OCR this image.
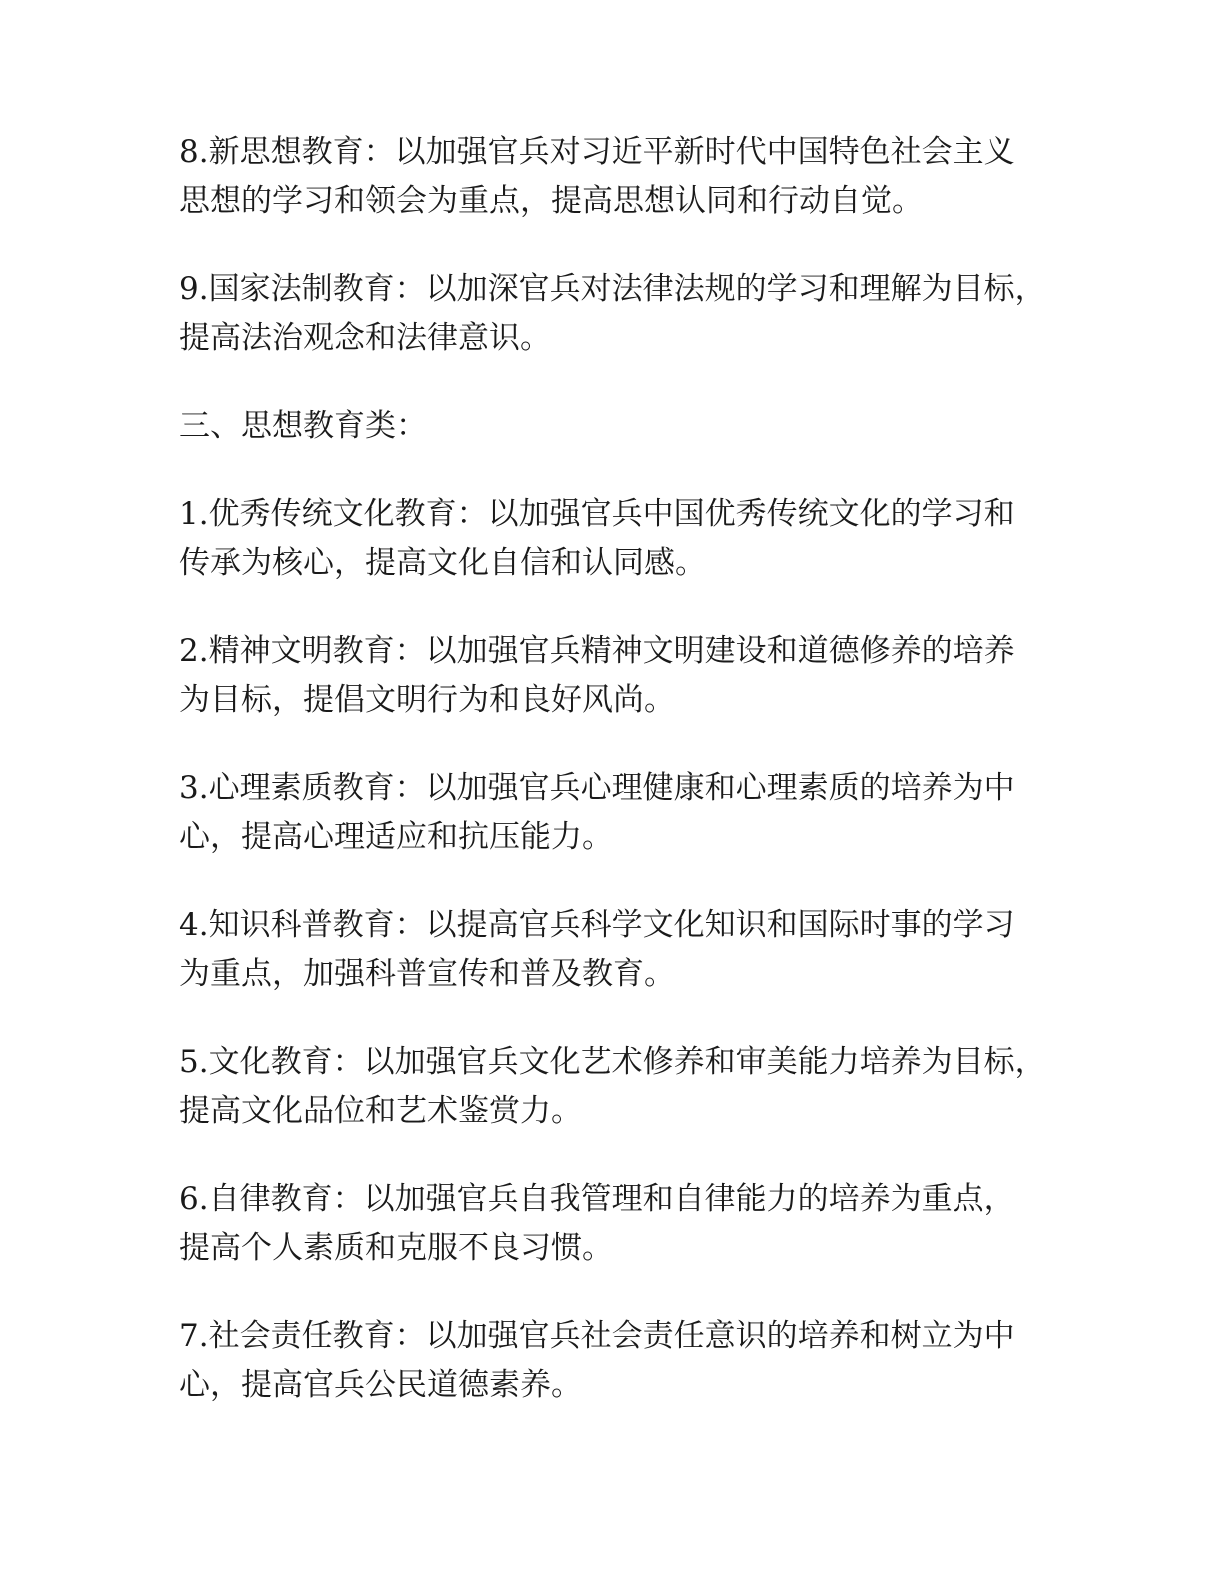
8.新思想教育：以加强官兵对习近平新时代中国特色社会主义
思想的学习和领会为重点，提高思想认同和行动自觉。

9.国家法制教育：以加深官兵对法律法规的学习和理解为目标，
提高法治观念和法律意识。

三、思想教育类：

1.优秀传统文化教育：以加强官兵中国优秀传统文化的学习和
传承为核心，提高文化自信和认同感。

2.精神文明教育：以加强官兵精神文明建设和道德修养的培养
为目标，提倡文明行为和良好风尚。

3.心理素质教育：以加强官兵心理健康和心理素质的培养为中
心，提高心理适应和抗压能力。

4.知识科普教育：以提高官兵科学文化知识和国际时事的学习
为重点，加强科普宣传和普及教育。

5.文化教育：以加强官兵文化艺术修养和审美能力培养为目标，
提高文化品位和艺术鉴赏力。

6.自律教育：以加强官兵自我管理和自律能力的培养为重点，
提高个人素质和克服不良习惯。

7.社会责任教育：以加强官兵社会责任意识的培养和树立为中
心，提高官兵公民道德素养。
